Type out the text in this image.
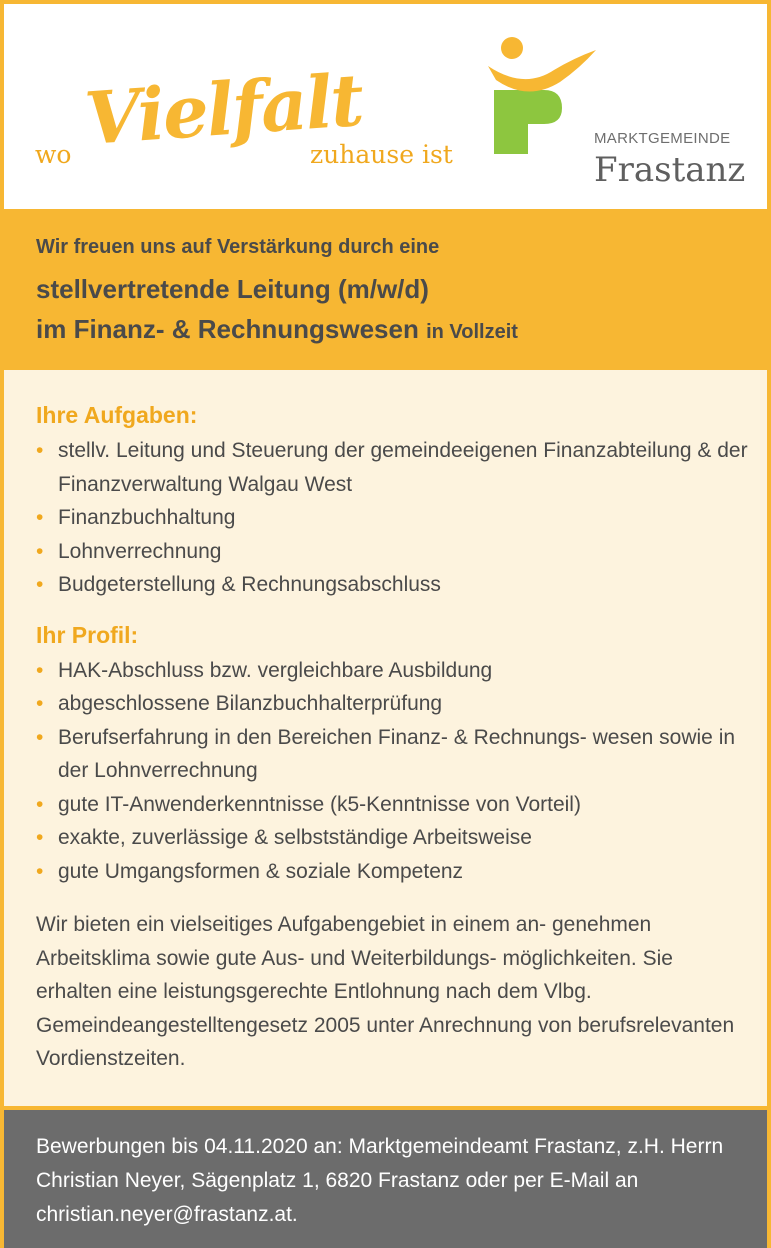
wo Vielfalt
zuhause ist
MARKTGEMEINDE
Frastanz

Wir freuen uns auf Verstärkung durch eine

stellvertretende Leitung (m/w/d)

im Finanz- & Rechnungswesen in Vollzeit

Ihre Aufgaben:
• stellv. Leitung und Steuerung der gemeindeeigenen Finanzabteilung & der Finanzverwaltung Walgau West
• Finanzbuchhaltung
• Lohnverrechnung
• Budgeterstellung & Rechnungsabschluss
Ihr Profil:
• HAK-Abschluss bzw. vergleichbare Ausbildung
• abgeschlossene Bilanzbuchhalterprüfung
• Berufserfahrung in den Bereichen Finanz- & Rechnungs- wesen sowie in der Lohnverrechnung
• gute IT-Anwenderkenntnisse (k5-Kenntnisse von Vorteil)
• exakte, zuverlässige & selbstständige Arbeitsweise
• gute Umgangsformen & soziale Kompetenz

Wir bieten ein vielseitiges Aufgabengebiet in einem an- genehmen Arbeitsklima sowie gute Aus- und Weiterbildungs- möglichkeiten. Sie erhalten eine leistungsgerechte Entlohnung nach dem Vlbg. Gemeindeangestelltengesetz 2005 unter Anrechnung von berufsrelevanten Vordienstzeiten.

Bewerbungen bis 04.11.2020 an: Marktgemeindeamt Frastanz, z.H. Herrn Christian Neyer, Sägenplatz 1, 6820 Frastanz oder per E-Mail an christian.neyer@frastanz.at.
